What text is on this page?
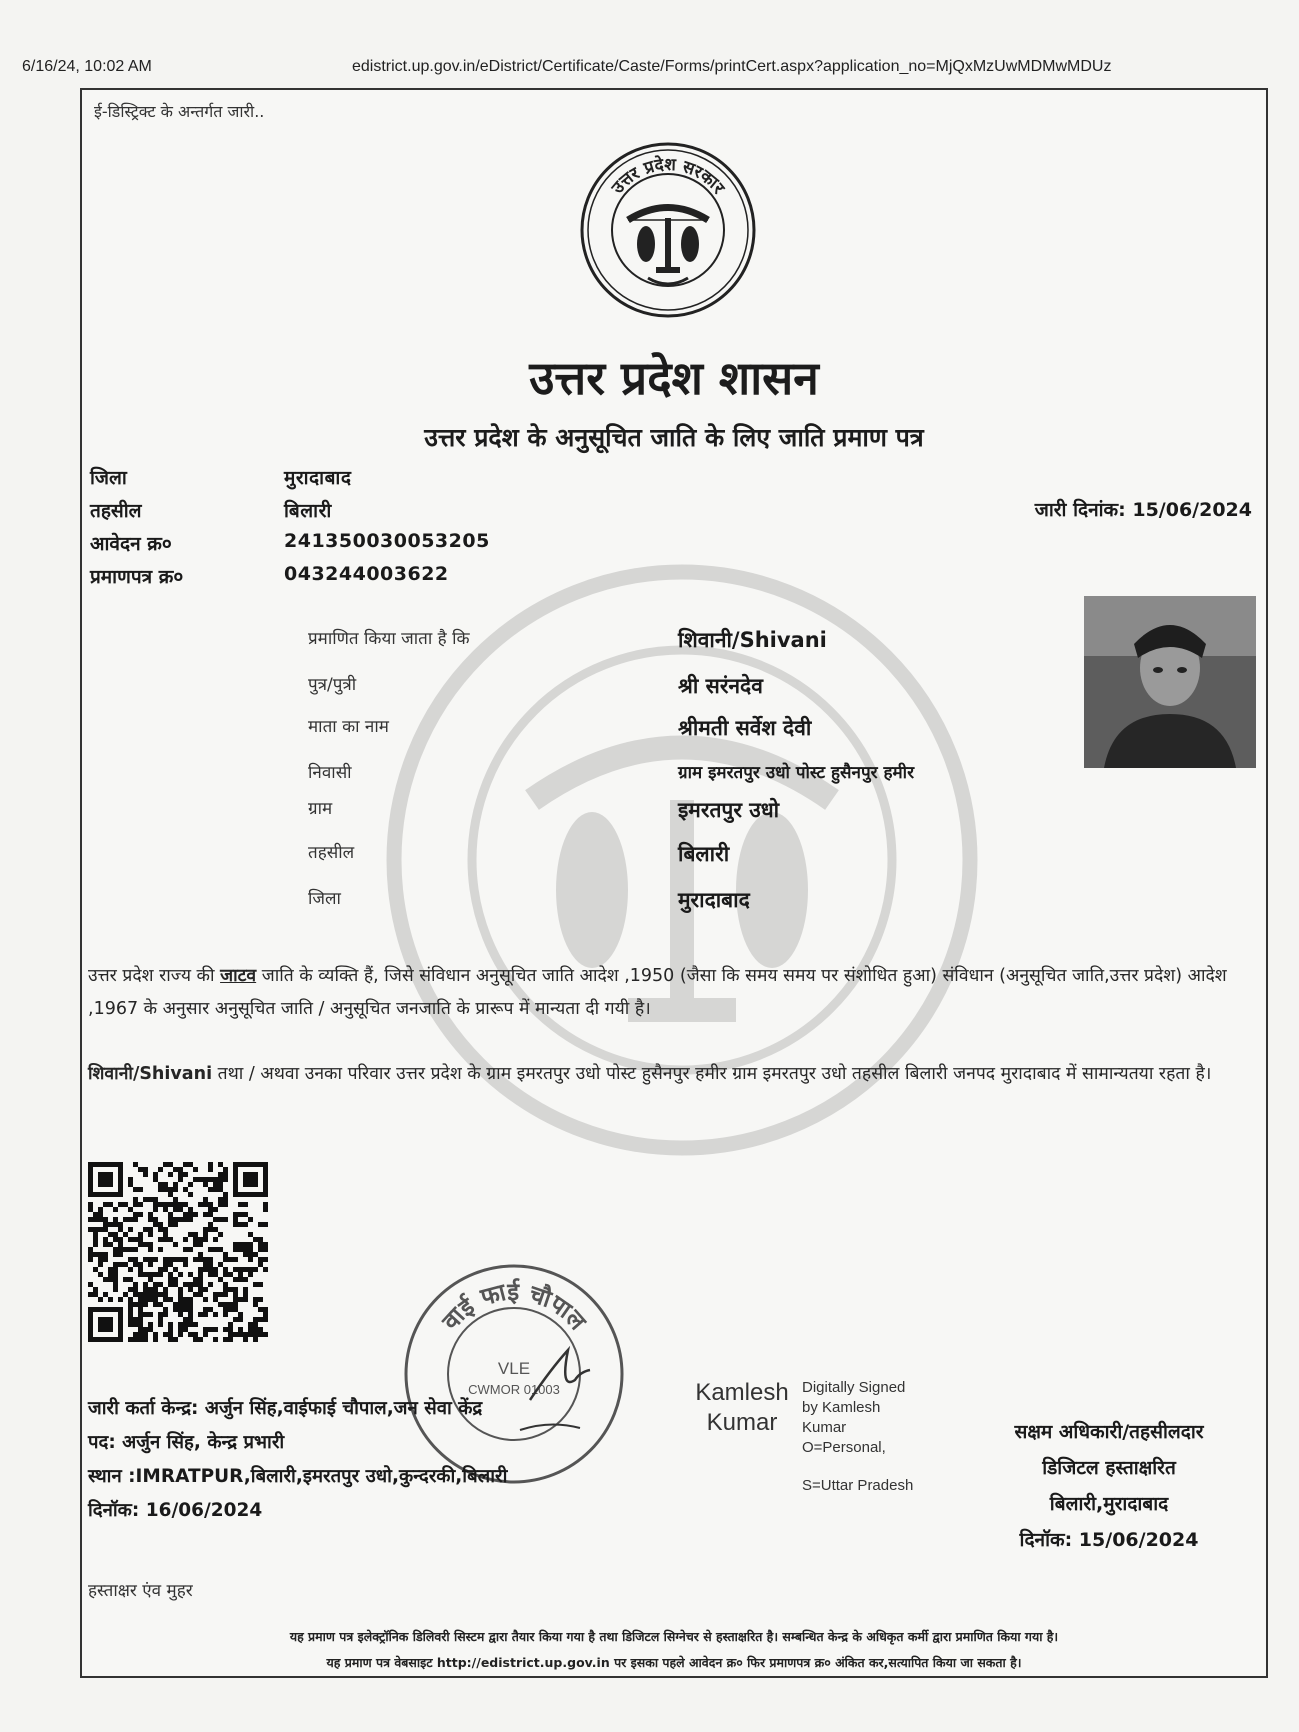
6/16/24, 10:02 AM	edistrict.up.gov.in/eDistrict/Certificate/Caste/Forms/printCert.aspx?application_no=MjQxMzUwMDMwMDUz
ई-डिस्ट्रिक्ट के अन्तर्गत जारी..
उत्तर प्रदेश सरकार
उत्तर प्रदेश शासन
उत्तर प्रदेश के अनुसूचित जाति के लिए जाति प्रमाण पत्र
जिला	मुरादाबाद
तहसील	बिलारी
आवेदन क्र०	241350030053205
प्रमाणपत्र क्र०	043244003622
जारी दिनांक: 15/06/2024
प्रमाणित किया जाता है कि	शिवानी/Shivani
पुत्र/पुत्री	श्री सरंनदेव
माता का नाम	श्रीमती सर्वेश देवी
निवासी	ग्राम इमरतपुर उधो पोस्ट हुसैनपुर हमीर
ग्राम	इमरतपुर उधो
तहसील	बिलारी
जिला	मुरादाबाद
उत्तर प्रदेश राज्य की जाटव जाति के व्यक्ति हैं, जिसे संविधान अनुसूचित जाति आदेश ,1950 (जैसा कि समय समय पर संशोधित हुआ) संविधान (अनुसूचित जाति,उत्तर प्रदेश) आदेश ,1967 के अनुसार अनुसूचित जाति / अनुसूचित जनजाति के प्रारूप में मान्यता दी गयी है।
शिवानी/Shivani तथा / अथवा उनका परिवार उत्तर प्रदेश के ग्राम इमरतपुर उधो पोस्ट हुसैनपुर हमीर ग्राम इमरतपुर उधो तहसील बिलारी जनपद मुरादाबाद में सामान्यतया रहता है।
वाई फाई चौपाल
VLE
CWMOR 01003
जारी कर्ता केन्द्र: अर्जुन सिंह,वाईफाई चौपाल,जन सेवा केंद्र
पद: अर्जुन सिंह, केन्द्र प्रभारी
स्थान :IMRATPUR,बिलारी,इमरतपुर उधो,कुन्दरकी,बिलारी
दिनॉक: 16/06/2024
Kamlesh
Kumar
Digitally Signed
by Kamlesh
Kumar
O=Personal,
S=Uttar Pradesh
सक्षम अधिकारी/तहसीलदार
डिजिटल हस्ताक्षरित
बिलारी,मुरादाबाद
दिनॉक: 15/06/2024
हस्ताक्षर एंव मुहर
यह प्रमाण पत्र इलेक्ट्रॉनिक डिलिवरी सिस्टम द्वारा तैयार किया गया है तथा डिजिटल सिग्नेचर से हस्ताक्षरित है। सम्बन्धित केन्द्र के अधिकृत कर्मी द्वारा प्रमाणित किया गया है।
यह प्रमाण पत्र वेबसाइट http://edistrict.up.gov.in पर इसका पहले आवेदन क्र० फिर प्रमाणपत्र क्र० अंकित कर,सत्यापित किया जा सकता है।
